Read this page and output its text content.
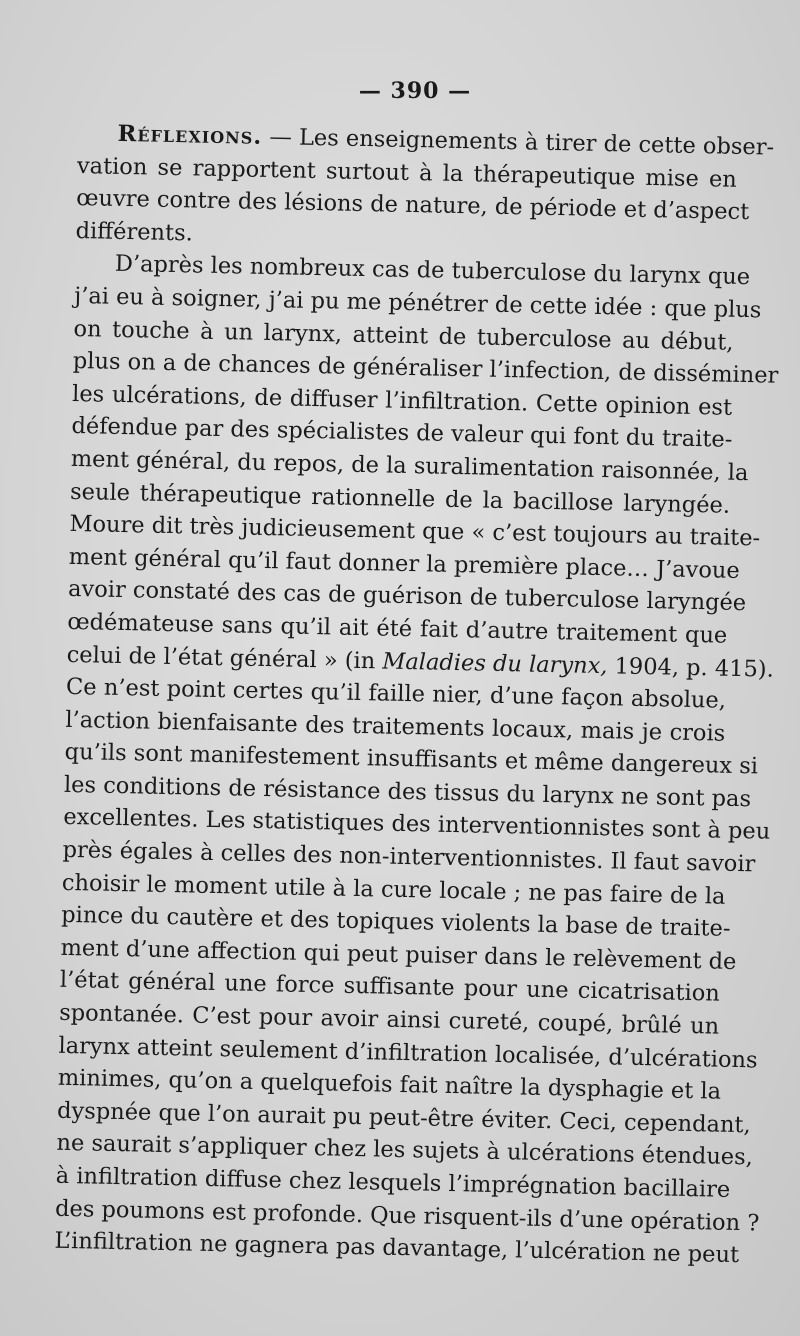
— 390 —
Réflexions. — Les enseignements à tirer de cette obser-
vation se rapportent surtout à la thérapeutique mise en
œuvre contre des lésions de nature, de période et d’aspect
différents.
D’après les nombreux cas de tuberculose du larynx que
j’ai eu à soigner, j’ai pu me pénétrer de cette idée : que plus
on touche à un larynx, atteint de tuberculose au début,
plus on a de chances de généraliser l’infection, de disséminer
les ulcérations, de diffuser l’infiltration. Cette opinion est
défendue par des spécialistes de valeur qui font du traite-
ment général, du repos, de la suralimentation raisonnée, la
seule thérapeutique rationnelle de la bacillose laryngée.
Moure dit très judicieusement que « c’est toujours au traite-
ment général qu’il faut donner la première place… J’avoue
avoir constaté des cas de guérison de tuberculose laryngée
œdémateuse sans qu’il ait été fait d’autre traitement que
celui de l’état général » (in Maladies du larynx, 1904, p. 415).
Ce n’est point certes qu’il faille nier, d’une façon absolue,
l’action bienfaisante des traitements locaux, mais je crois
qu’ils sont manifestement insuffisants et même dangereux si
les conditions de résistance des tissus du larynx ne sont pas
excellentes. Les statistiques des interventionnistes sont à peu
près égales à celles des non-interventionnistes. Il faut savoir
choisir le moment utile à la cure locale ; ne pas faire de la
pince du cautère et des topiques violents la base de traite-
ment d’une affection qui peut puiser dans le relèvement de
l’état général une force suffisante pour une cicatrisation
spontanée. C’est pour avoir ainsi cureté, coupé, brûlé un
larynx atteint seulement d’infiltration localisée, d’ulcérations
minimes, qu’on a quelquefois fait naître la dysphagie et la
dyspnée que l’on aurait pu peut-être éviter. Ceci, cependant,
ne saurait s’appliquer chez les sujets à ulcérations étendues,
à infiltration diffuse chez lesquels l’imprégnation bacillaire
des poumons est profonde. Que risquent-ils d’une opération ?
L’infiltration ne gagnera pas davantage, l’ulcération ne peut
